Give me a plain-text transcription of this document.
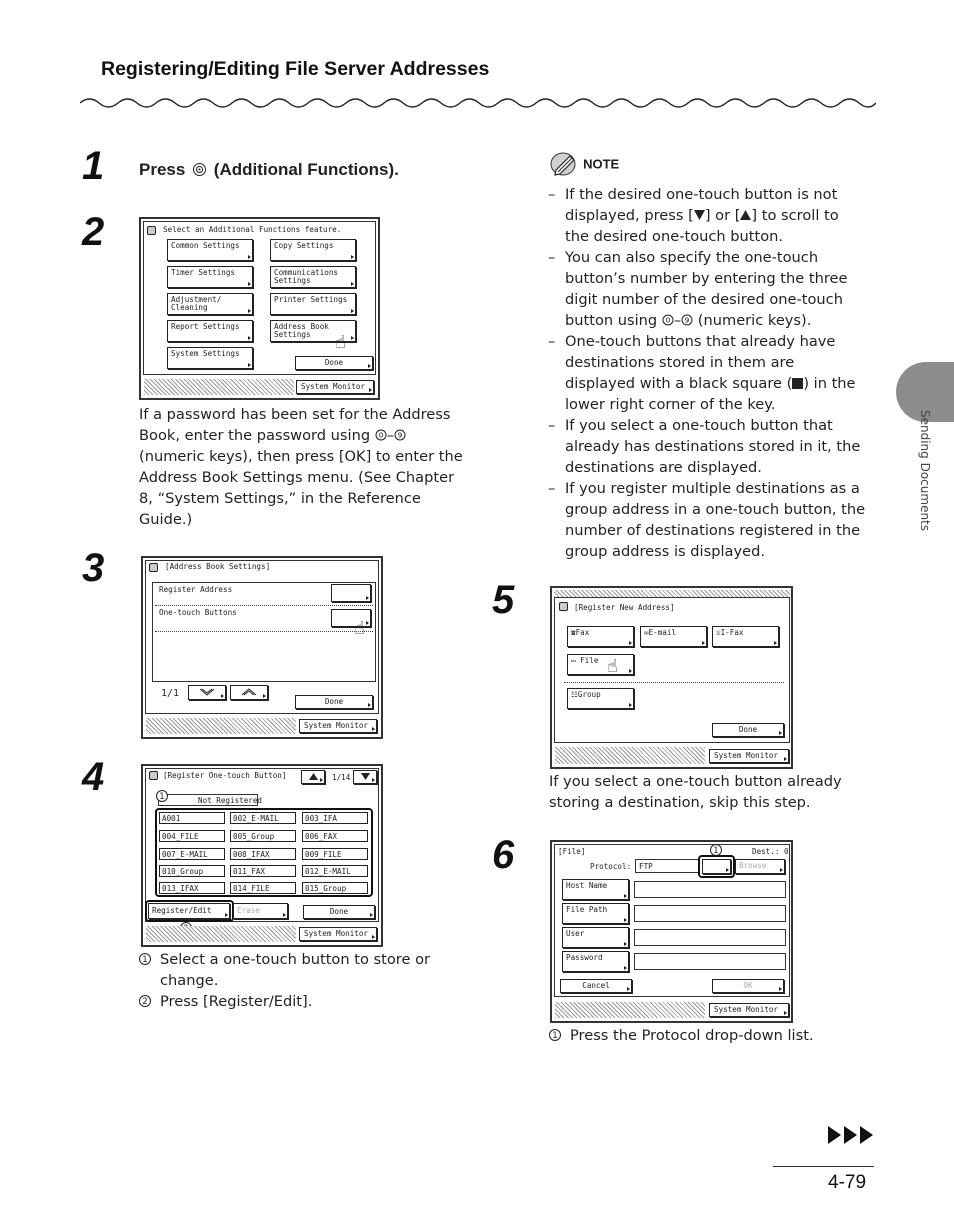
Registering/Editing File Server Addresses
Sending Documents
1 Press (Additional Functions).
2	Select an Additional Functions feature.
Common Settings	Copy Settings
Timer Settings	Communications
Settings
Adjustment/
Cleaning
Printer Settings
Report Settings	Address Book
Settings
System Settings
Done
☝
System Monitor
If a password has been set for the Address Book, enter the password using 0 – 9
(numeric keys), then press [OK] to enter the Address Book Settings menu. (See Chapter 8, “System Settings,” in the Reference Guide.)
3	[Address Book Settings]
Register Address
One-touch Buttons
☝
1/1
Done
System Monitor
4	[Register One-touch Button]	1/14
Not Registered
A001	002_E-MAIL	003_IFA
004_FILE	005_Group	006_FAX
007_E-MAIL	008_IFAX	009_FILE
010_Group	011_FAX	012_E-MAIL
013_IFAX	014_FILE	015_Group
1
Register/Edit	Erase	Done
System Monitor
1 Select a one-touch button to store or change.
2 Press [Register/Edit].
NOTE
– If the desired one-touch button is not displayed, press [ ] or [ ] to scroll to the desired one-touch button.
– You can also specify the one-touch button’s number by entering the three digit number of the desired one-touch button using 0 – 9 (numeric keys).
– One-touch buttons that already have destinations stored in them are displayed with a black square ( ) in the lower right corner of the key.
– If you select a one-touch button that already has destinations stored in it, the destinations are displayed.
– If you register multiple destinations as a group address in a one-touch button, the number of destinations registered in the group address is displayed.
5	[Register New Address]
☎Fax	✉E-mail	☏I-Fax
▭ File ☝
☷Group
Done
System Monitor
If you select a one-touch button already storing a destination, skip this step.
6	[File]	Dest.: 0
Protocol:	FTP
1
Browse
Host Name
File Path
User
Password
Cancel	OK
System Monitor
1 Press the Protocol drop-down list.
4-79
